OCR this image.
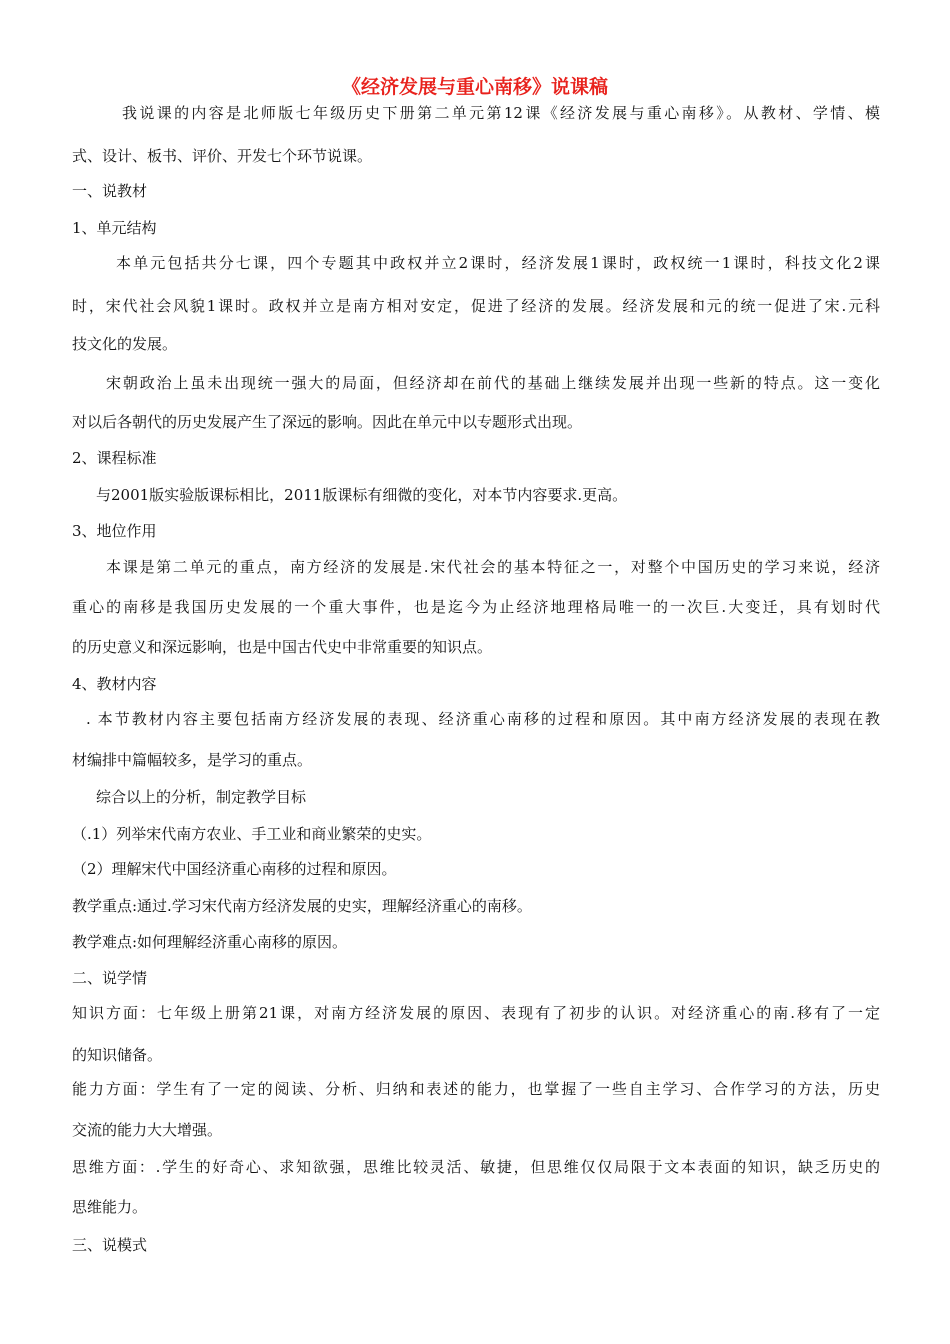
《经济发展与重心南移》说课稿
我说课的内容是北师版七年级历史下册第二单元第12课《经济发展与重心南移》。从教材、学情、模
式、设计、板书、评价、开发七个环节说课。
一、说教材
1、单元结构
本单元包括共分七课，四个专题其中政权并立2课时，经济发展1课时，政权统一1课时，科技文化2课
时，宋代社会风貌1课时。政权并立是南方相对安定，促进了经济的发展。经济发展和元的统一促进了宋.元科
技文化的发展。
宋朝政治上虽未出现统一强大的局面，但经济却在前代的基础上继续发展并出现一些新的特点。这一变化
对以后各朝代的历史发展产生了深远的影响。因此在单元中以专题形式出现。
2、课程标准
与2001版实验版课标相比，2011版课标有细微的变化，对本节内容要求.更高。
3、地位作用
本课是第二单元的重点，南方经济的发展是.宋代社会的基本特征之一，对整个中国历史的学习来说，经济
重心的南移是我国历史发展的一个重大事件，也是迄今为止经济地理格局唯一的一次巨.大变迁，具有划时代
的历史意义和深远影响，也是中国古代史中非常重要的知识点。
4、教材内容
. 本节教材内容主要包括南方经济发展的表现、经济重心南移的过程和原因。其中南方经济发展的表现在教
材编排中篇幅较多，是学习的重点。
综合以上的分析，制定教学目标
（.1）列举宋代南方农业、手工业和商业繁荣的史实。
（2）理解宋代中国经济重心南移的过程和原因。
教学重点:通过.学习宋代南方经济发展的史实，理解经济重心的南移。
教学难点:如何理解经济重心南移的原因。
二、说学情
知识方面：七年级上册第21课，对南方经济发展的原因、表现有了初步的认识。对经济重心的南.移有了一定
的知识储备。
能力方面：学生有了一定的阅读、分析、归纳和表述的能力，也掌握了一些自主学习、合作学习的方法，历史
交流的能力大大增强。
思维方面：.学生的好奇心、求知欲强，思维比较灵活、敏捷，但思维仅仅局限于文本表面的知识，缺乏历史的
思维能力。
三、说模式
